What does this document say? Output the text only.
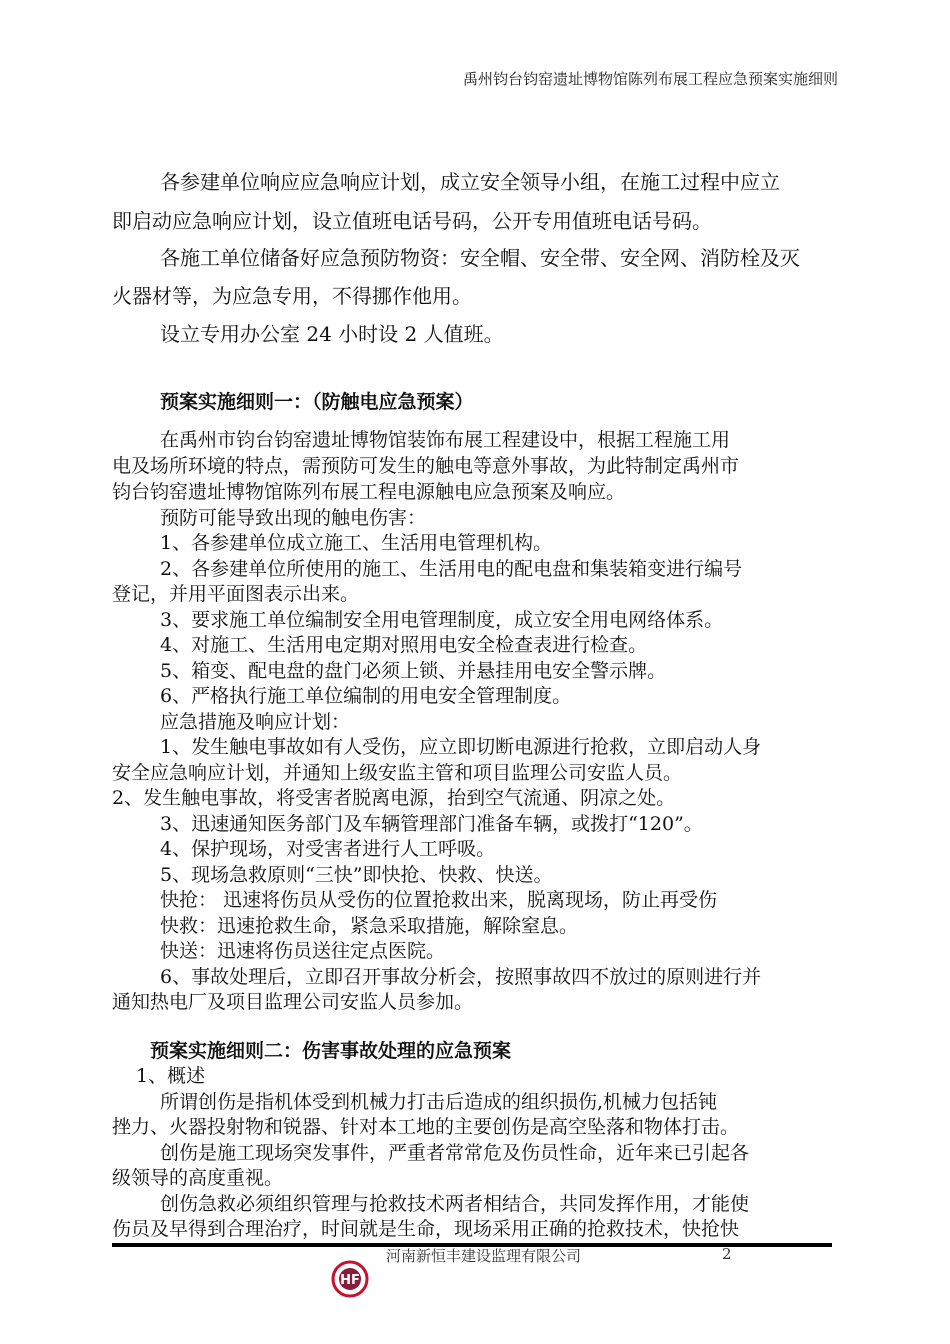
禹州钧台钧窑遗址博物馆陈列布展工程应急预案实施细则
各参建单位响应应急响应计划，成立安全领导小组，在施工过程中应立
即启动应急响应计划，设立值班电话号码，公开专用值班电话号码。
各施工单位储备好应急预防物资：安全帽、安全带、安全网、消防栓及灭
火器材等，为应急专用，不得挪作他用。
设立专用办公室 24 小时设 2 人值班。
预案实施细则一：（防触电应急预案）
在禹州市钧台钧窑遗址博物馆装饰布展工程建设中，根据工程施工用
电及场所环境的特点，需预防可发生的触电等意外事故，为此特制定禹州市
钧台钧窑遗址博物馆陈列布展工程电源触电应急预案及响应。
预防可能导致出现的触电伤害：
1、各参建单位成立施工、生活用电管理机构。
2、各参建单位所使用的施工、生活用电的配电盘和集装箱变进行编号
登记，并用平面图表示出来。
3、要求施工单位编制安全用电管理制度，成立安全用电网络体系。
4、对施工、生活用电定期对照用电安全检查表进行检查。
5、箱变、配电盘的盘门必须上锁、并悬挂用电安全警示牌。
6、严格执行施工单位编制的用电安全管理制度。
应急措施及响应计划：
1、发生触电事故如有人受伤，应立即切断电源进行抢救，立即启动人身
安全应急响应计划，并通知上级安监主管和项目监理公司安监人员。
2、发生触电事故，将受害者脱离电源，抬到空气流通、阴凉之处。
3、迅速通知医务部门及车辆管理部门准备车辆，或拨打“120”。
4、保护现场，对受害者进行人工呼吸。
5、现场急救原则“三快”即快抢、快救、快送。
快抢： 迅速将伤员从受伤的位置抢救出来，脱离现场，防止再受伤
快救：迅速抢救生命，紧急采取措施，解除窒息。
快送：迅速将伤员送往定点医院。
6、事故处理后，立即召开事故分析会，按照事故四不放过的原则进行并
通知热电厂及项目监理公司安监人员参加。
预案实施细则二：伤害事故处理的应急预案
1、概述
所谓创伤是指机体受到机械力打击后造成的组织损伤,机械力包括钝
挫力、火器投射物和锐器、针对本工地的主要创伤是高空坠落和物体打击。
创伤是施工现场突发事件，严重者常常危及伤员性命，近年来已引起各
级领导的高度重视。
创伤急救必须组织管理与抢救技术两者相结合，共同发挥作用，才能使
伤员及早得到合理治疗，时间就是生命，现场采用正确的抢救技术，快抢快
河南新恒丰建设监理有限公司	2
HF
